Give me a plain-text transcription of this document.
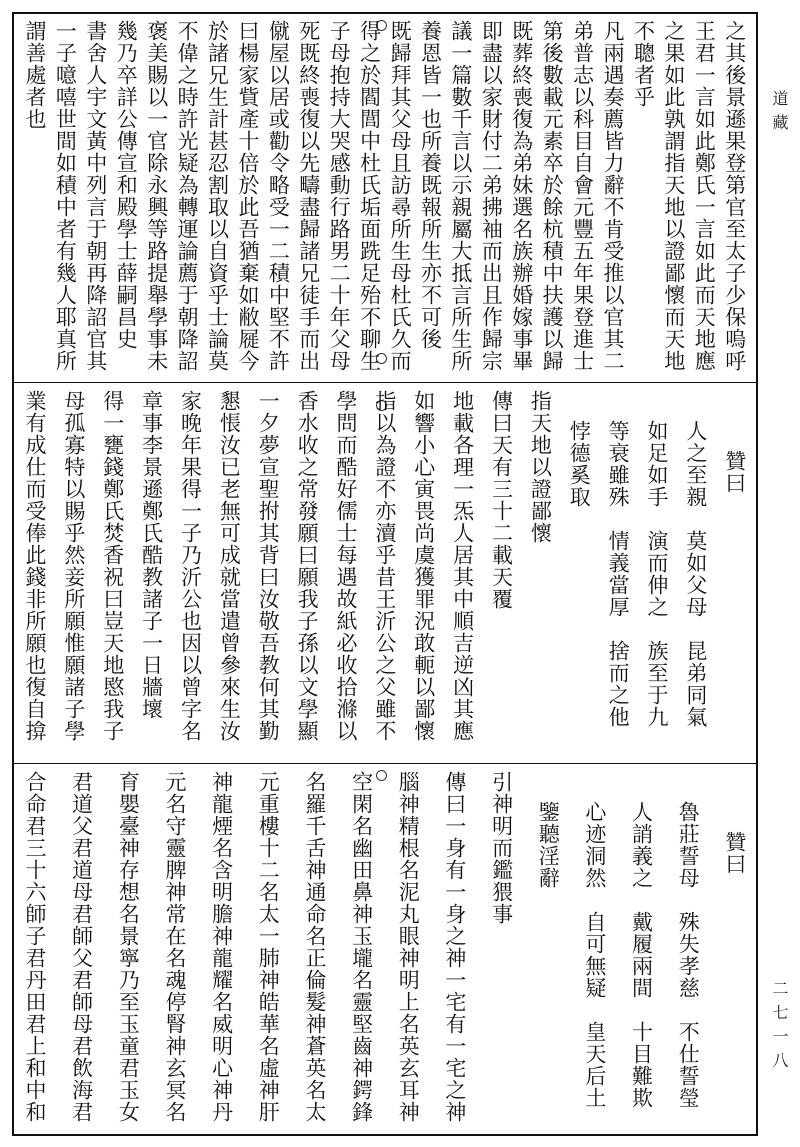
之其後景遜果登第官至太子少保嗚呼
王君一言如此鄭氏一言如此而天地應
之果如此孰謂指天地以證鄙懷而天地
不聰者乎
凡兩遇奏薦皆力辭不肯受推以官其二
弟普志以科目自會元豐五年果登進士
第後數載元素卒於餘杭積中扶護以歸
既葬終喪復為弟妹選名族辦婚嫁事畢
即盡以家財付二弟拂袖而出且作歸宗
議一篇數千言以示親屬大抵言所生所
養恩皆一也所養既報所生亦不可後
既歸拜其父母且訪尋所生母杜氏久而
得之於閻閭中杜氏垢面跣足殆不聊生
子母抱持大哭感動行路男二十年父母
死既終喪復以先疇盡歸諸兄徒手而出
僦屋以居或勸令略受一二積中堅不許
曰楊家貲產十倍於此吾猶棄如敝屣今
於諸兄生計甚忍割取以自資乎士論莫
不偉之時許光疑為轉運論薦于朝降詔
褒美賜以一官除永興等路提舉學事未
幾乃卒詳公傳宣和殿學士薛嗣昌史
書舍人宇文黃中列言于朝再降詔官其
一子噫嘻世間如積中者有幾人耶真所
謂善處者也
贊曰
人之至親　莫如父母　昆弟同氣
如足如手　演而伸之　族至于九
等衰雖殊　情義當厚　捨而之他
悖德奚取
指天地以證鄙懷
傳曰天有三十二載天覆
地載各理一炁人居其中順吉逆凶其應
如響小心寅畏尚虞獲罪況敢軛以鄙懷
指以為證不亦瀆乎昔王沂公之父雖不
學問而酷好儒士每遇故紙必收拾滌以
香水收之常發願曰願我子孫以文學顯
一夕夢宣聖拊其背曰汝敬吾教何其勤
懇悵汝已老無可成就當遣曾參來生汝
家晚年果得一子乃沂公也因以曾字名
章事李景遜鄭氏酷教諸子一日牆壞
得一甕錢鄭氏焚香祝曰豈天地愍我子
母孤寡特以賜乎然妾所願惟願諸子學
業有成仕而受俸此錢非所願也復自揜
贊曰
魯莊誓母　殊失孝慈　不仕誓瑩
人誚義之　戴履兩間　十目難欺
心迹洞然　自可無疑　皇天后土
鑒聽淫辭
引神明而鑑猥事
傳曰一身有一身之神一宅有一宅之神
腦神精根名泥丸眼神明上名英玄耳神
空閑名幽田鼻神玉壠名靈堅齒神鍔鋒
名羅千舌神通命名正倫髮神蒼英名太
元重樓十二名太一肺神皓華名虛神肝
神龍煙名含明膽神龍耀名威明心神丹
元名守靈脾神常在名魂停腎神玄冥名
育嬰臺神存想名景寧乃至玉童君玉女
君道父君道母君師父君師母君飲海君
合命君三十六師子君丹田君上和中和
道藏
二七一八
